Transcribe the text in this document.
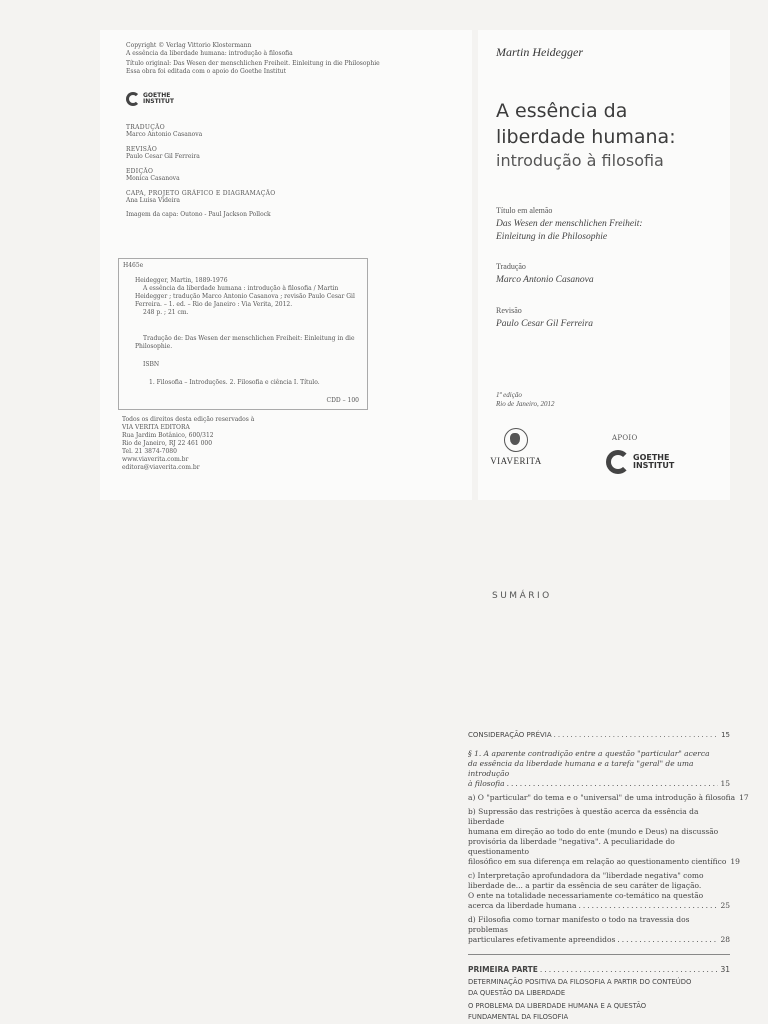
Copyright © Verlag Vittorio Klostermann
A essência da liberdade humana: introdução à filosofia
Título original: Das Wesen der menschlichen Freiheit. Einleitung in die Philosophie
Essa obra foi editada com o apoio do Goethe Institut
GOETHE INSTITUT
TRADUÇÃO
Marco Antonio Casanova
REVISÃO
Paulo Cesar Gil Ferreira
EDIÇÃO
Monica Casanova
CAPA, PROJETO GRÁFICO E DIAGRAMAÇÃO
Ana Luisa Videira
Imagem da capa: Outono - Paul Jackson Pollock
H465e
Heidegger, Martin, 1889-1976
A essência da liberdade humana : introdução à filosofia / Martin
Heidegger ; tradução Marco Antonio Casanova ; revisão Paulo Cesar Gil
Ferreira. – 1. ed. – Rio de Janeiro : Via Verita, 2012.
248 p. ; 21 cm.
Tradução de: Das Wesen der menschlichen Freiheit: Einleitung in die
Philosophie.
ISBN
1. Filosofia – Introduções. 2. Filosofia e ciência I. Título.
CDD – 100
Todos os direitos desta edição reservados à
VIA VERITA EDITORA
Rua Jardim Botânico, 600/312
Rio de Janeiro, RJ 22 461 000
Tel. 21 3874-7080
www.viaverita.com.br
editora@viaverita.com.br
Martin Heidegger
A essência da
liberdade humana:
introdução à filosofia
Título em alemão
Das Wesen der menschlichen Freiheit:
Einleitung in die Philosophie
Tradução
Marco Antonio Casanova
Revisão
Paulo Cesar Gil Ferreira
1ª edição
Rio de Janeiro, 2012
VIAVERITA
APOIO
GOETHE INSTITUT
SUMÁRIO
CONSIDERAÇÃO PRÉVIA .....	15
§ 1. A aparente contradição entre a questão "particular" acerca
da essência da liberdade humana e a tarefa "geral" de uma introdução
à filosofia .....	15
a) O "particular" do tema e o "universal" de uma introdução à filosofia 17
b) Supressão das restrições à questão acerca da essência da liberdade
humana em direção ao todo do ente (mundo e Deus) na discussão
provisória da liberdade "negativa". A peculiaridade do questionamento
filosófico em sua diferença em relação ao questionamento científico 19
c) Interpretação aprofundadora da "liberdade negativa" como
liberdade de... a partir da essência de seu caráter de ligação.
O ente na totalidade necessariamente co-temático na questão
acerca da liberdade humana .....	25
d) Filosofia como tornar manifesto o todo na travessia dos problemas
particulares efetivamente apreendidos .....	28
PRIMEIRA PARTE .....	31
DETERMINAÇÃO POSITIVA DA FILOSOFIA A PARTIR DO CONTEÚDO
DA QUESTÃO DA LIBERDADE
O PROBLEMA DA LIBERDADE HUMANA E A QUESTÃO
FUNDAMENTAL DA FILOSOFIA
